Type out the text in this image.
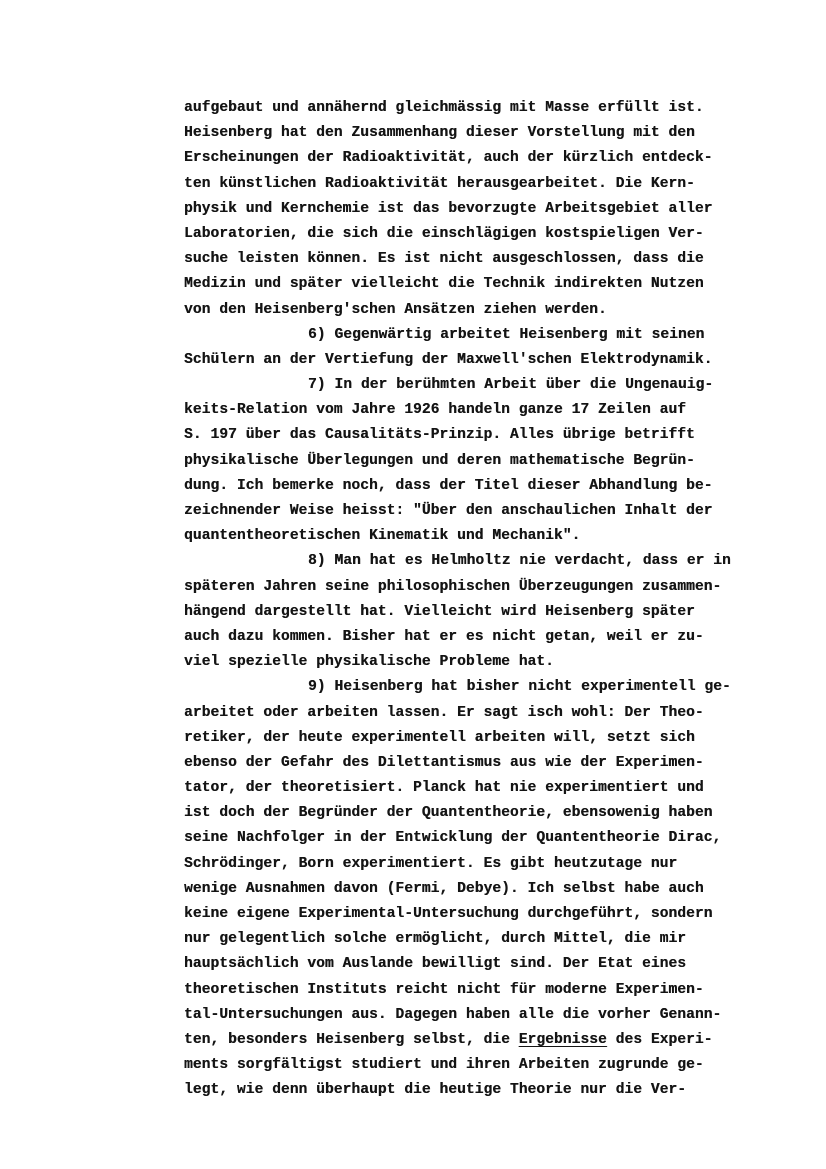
aufgebaut und annähernd gleichmässig mit Masse erfüllt ist.
Heisenberg hat den Zusammenhang dieser Vorstellung mit den
Erscheinungen der Radioaktivität, auch der kürzlich entdeck-
ten künstlichen Radioaktivität herausgearbeitet. Die Kern-
physik und Kernchemie ist das bevorzugte Arbeitsgebiet aller
Laboratorien, die sich die einschlägigen kostspieligen Ver-
suche leisten können. Es ist nicht ausgeschlossen, dass die
Medizin und später vielleicht die Technik indirekten Nutzen
von den Heisenberg'schen Ansätzen ziehen werden.
6) Gegenwärtig arbeitet Heisenberg mit seinen
Schülern an der Vertiefung der Maxwell'schen Elektrodynamik.
7) In der berühmten Arbeit über die Ungenauig-
keits-Relation vom Jahre 1926 handeln ganze 17 Zeilen auf
S. 197 über das Causalitäts-Prinzip. Alles übrige betrifft
physikalische Überlegungen und deren mathematische Begrün-
dung. Ich bemerke noch, dass der Titel dieser Abhandlung be-
zeichnender Weise heisst: "Über den anschaulichen Inhalt der
quantentheoretischen Kinematik und Mechanik".
8) Man hat es Helmholtz nie verdacht, dass er in
späteren Jahren seine philosophischen Überzeugungen zusammen-
hängend dargestellt hat. Vielleicht wird Heisenberg später
auch dazu kommen. Bisher hat er es nicht getan, weil er zu-
viel spezielle physikalische Probleme hat.
9) Heisenberg hat bisher nicht experimentell ge-
arbeitet oder arbeiten lassen. Er sagt isch wohl: Der Theo-
retiker, der heute experimentell arbeiten will, setzt sich
ebenso der Gefahr des Dilettantismus aus wie der Experimen-
tator, der theoretisiert. Planck hat nie experimentiert und
ist doch der Begründer der Quantentheorie, ebensowenig haben
seine Nachfolger in der Entwicklung der Quantentheorie Dirac,
Schrödinger, Born experimentiert. Es gibt heutzutage nur
wenige Ausnahmen davon (Fermi, Debye). Ich selbst habe auch
keine eigene Experimental-Untersuchung durchgeführt, sondern
nur gelegentlich solche ermöglicht, durch Mittel, die mir
hauptsächlich vom Auslande bewilligt sind. Der Etat eines
theoretischen Instituts reicht nicht für moderne Experimen-
tal-Untersuchungen aus. Dagegen haben alle die vorher Genann-
ten, besonders Heisenberg selbst, die Ergebnisse des Experi-
ments sorgfältigst studiert und ihren Arbeiten zugrunde ge-
legt, wie denn überhaupt die heutige Theorie nur die Ver-
